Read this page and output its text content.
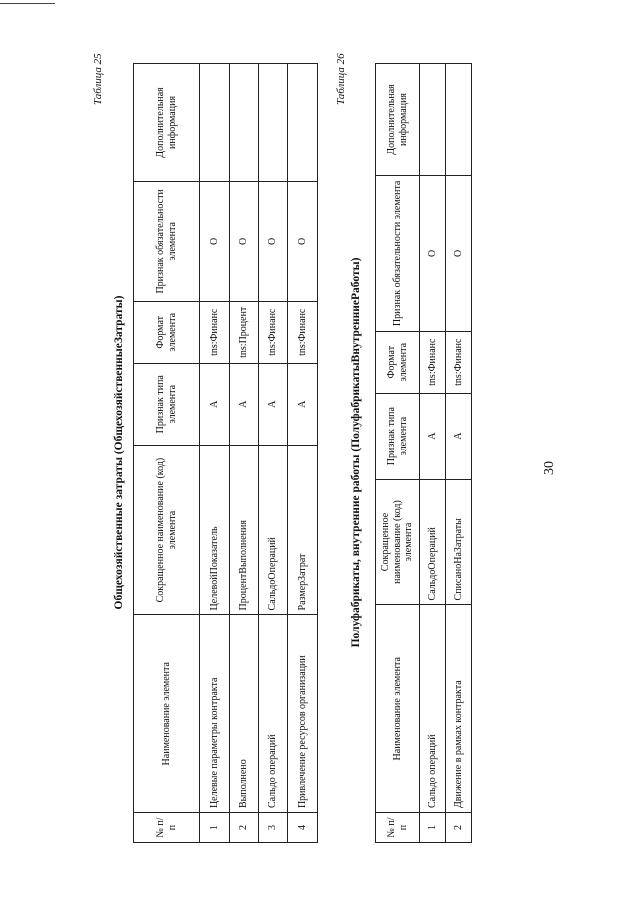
30
Таблица 25
Общехозяйственные затраты (ОбщехозяйственныеЗатраты)
№ п/п	Наименование элемента	Сокращенное наименование (код) элемента	Признак типа элемента	Формат элемента	Признак обязательности элемента	Дополнительная информация
1	Целевые параметры контракта	ЦелевойПоказатель	А	tns:Финанс	О	
2	Выполнено	ПроцентВыполнения	А	tns:Процент	О	
3	Сальдо операций	СальдоОпераций	А	tns:Финанс	О	
4	Привлечение ресурсов организации	РазмерЗатрат	А	tns:Финанс	О	
Таблица 26
Полуфабрикаты, внутренние работы (ПолуфабрикатыВнутренниеРаботы)
№ п/п	Наименование элемента	Сокращенное наименование (код) элемента	Признак типа элемента	Формат элемента	Признак обязательности элемента	Дополнительная информация
1	Сальдо операций	СальдоОпераций	А	tns:Финанс	О	
2	Движение в рамках контракта	СписаноНаЗатраты	А	tns:Финанс	О	
